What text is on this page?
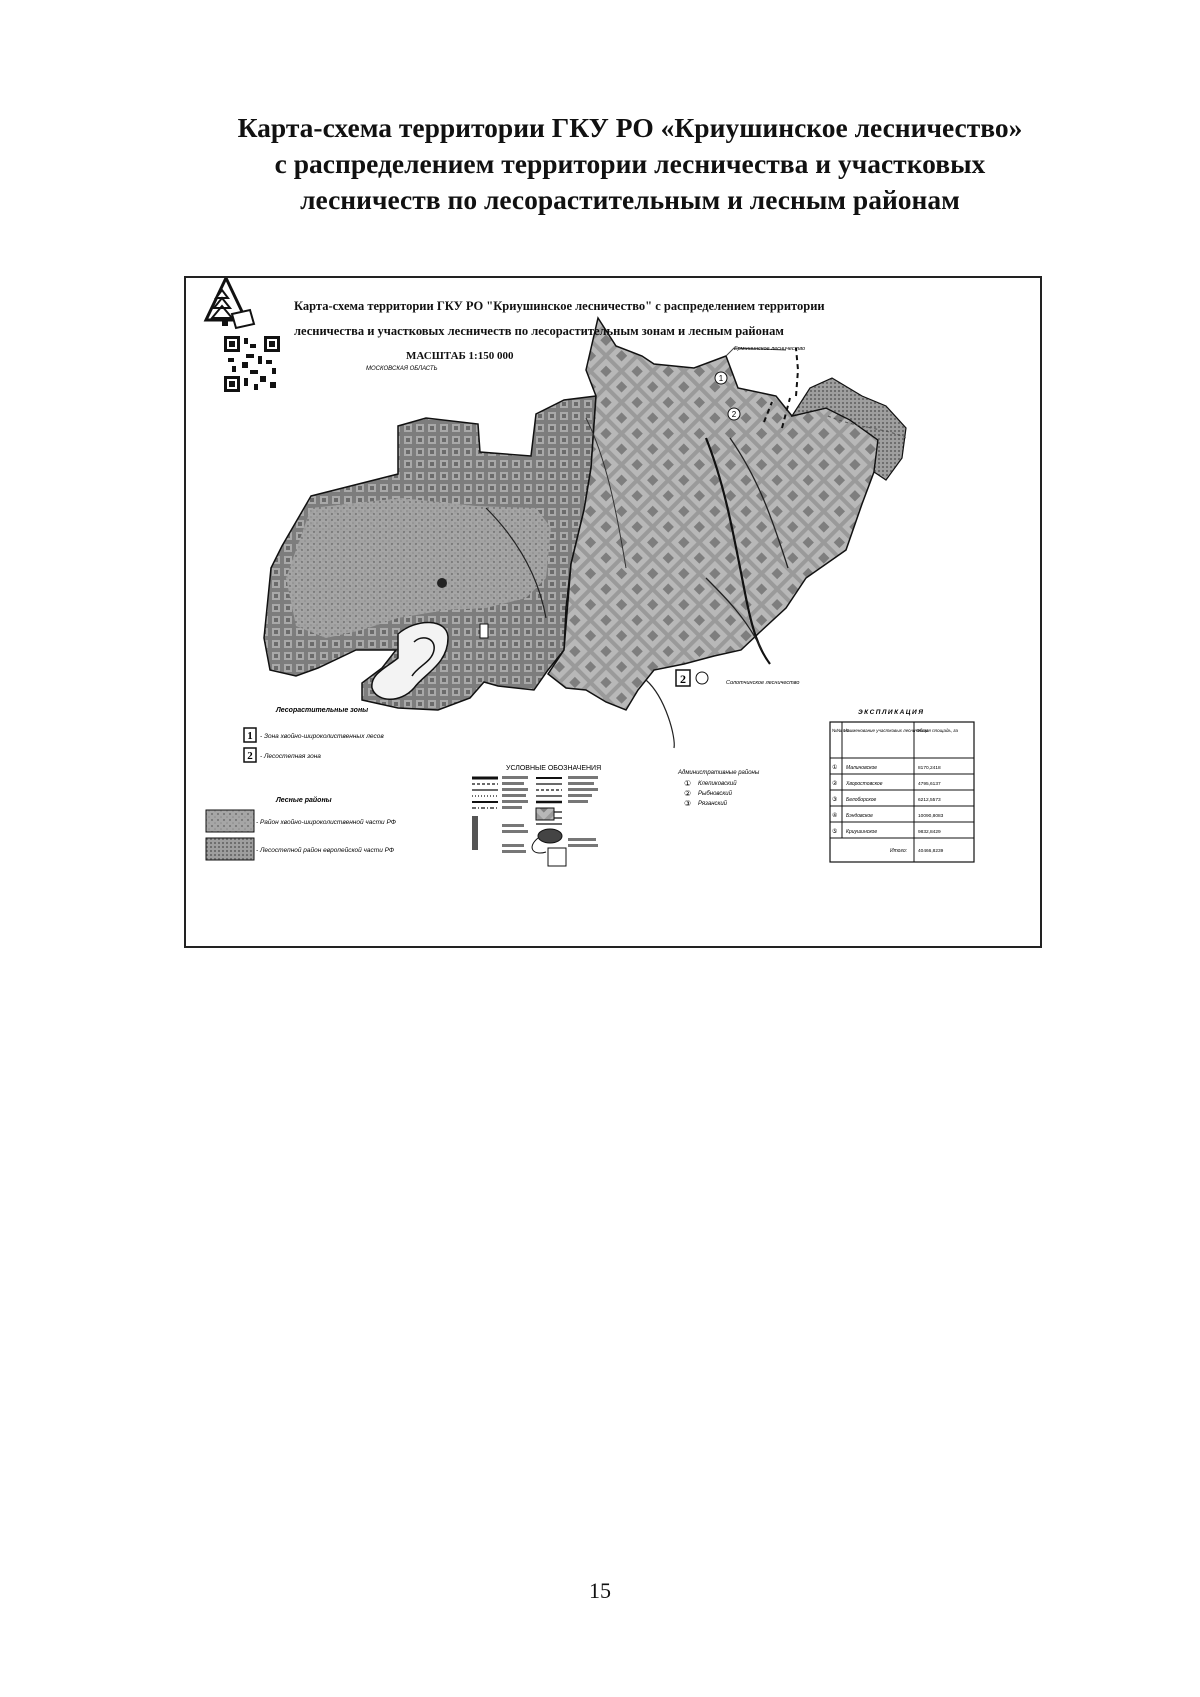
Карта-схема территории ГКУ РО «Криушинское лесничество»
с распределением территории лесничества и участковых
лесничеств по лесорастительным и лесным районам
1
2
2
МОСКОВСКАЯ ОБЛАСТЬ
Ермишинское лесничество
Солотчинское лесничество
Лесорастительные зоны
1 - Зона хвойно-широколиственных лесов
2 - Лесостепная зона
Лесные районы
- Район хвойно-широколиственной части РФ
- Лесостепной район европейской части РФ
УСЛОВНЫЕ ОБОЗНАЧЕНИЯ
Административные районы
① Клепиковский
② Рыбновский
③ Рязанский
ЭКСПЛИКАЦИЯ
№№ п/п
Наименование участковых лесничеств
Общая площадь, га
① Малиновское	8170,2418
② Хворостовское	4795,6137
③ Белоборское	6212,5573
④ Бэндовское	10090,8083
⑤ Криушинское	9832,8429
Итого: 40466,8239
Карта-схема территории ГКУ РО "Криушинское лесничество" с распределением территории
лесничества и участковых лесничеств по лесорастительным зонам и лесным районам
МАСШТАБ 1:150 000
15
